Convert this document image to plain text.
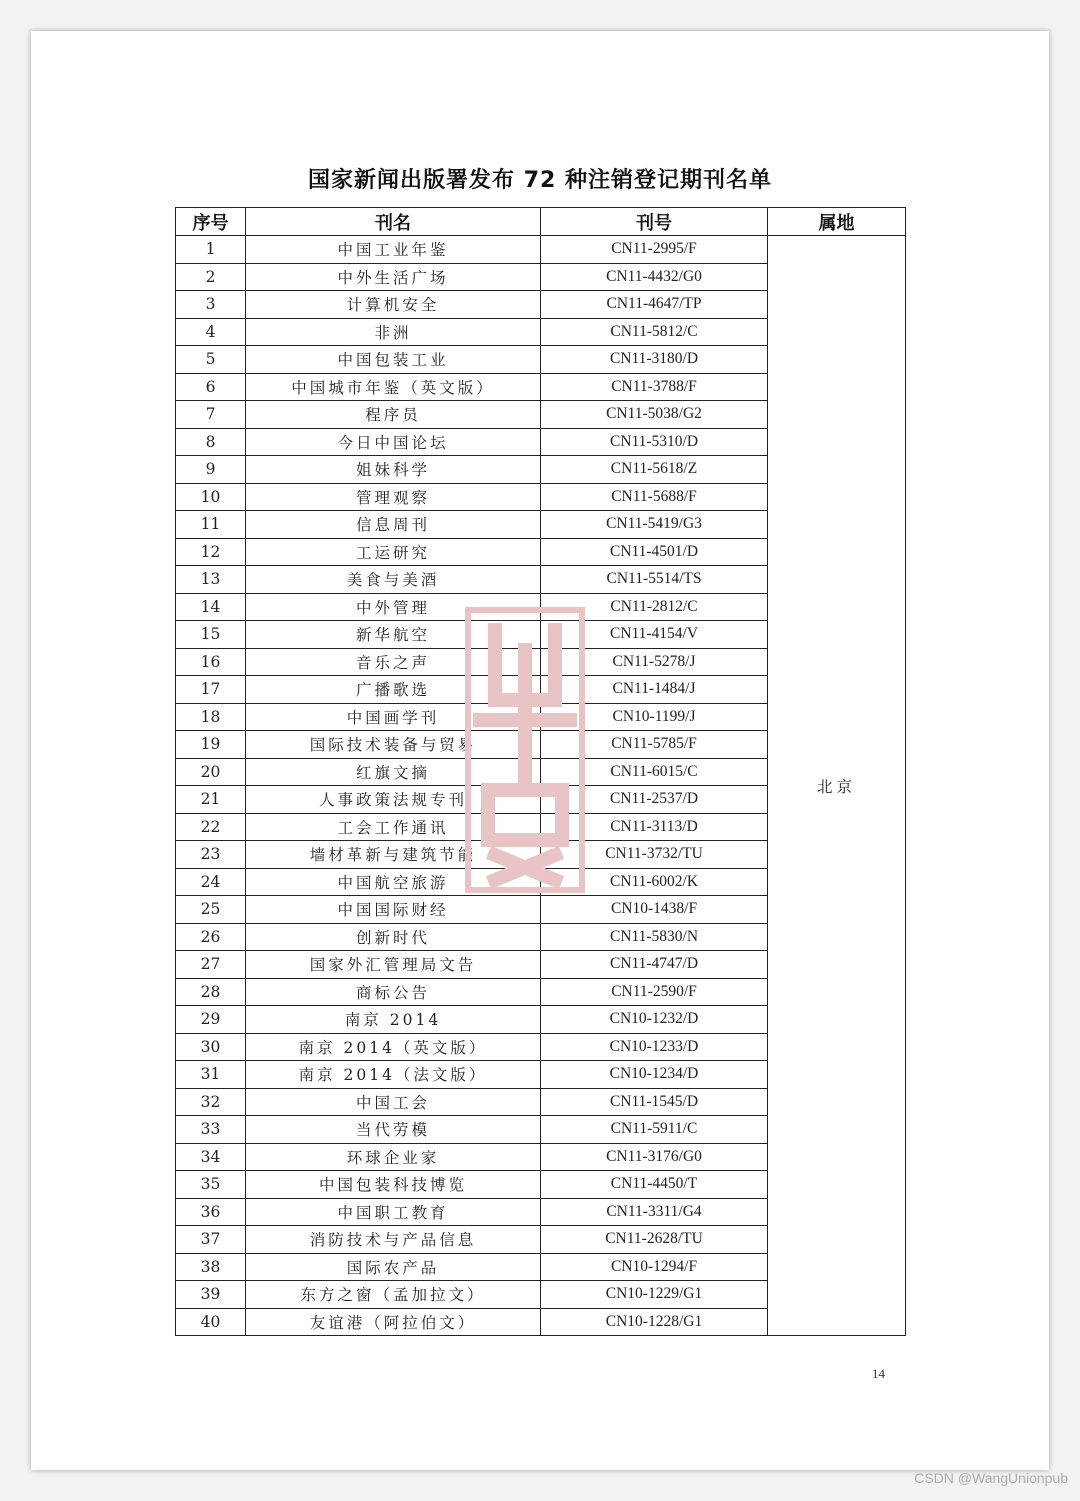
国家新闻出版署发布 72 种注销登记期刊名单
序号	刊名	刊号	属地
1	中国工业年鉴	CN11-2995/F	北京
2	中外生活广场	CN11-4432/G0	
3	计算机安全	CN11-4647/TP	
4	非洲	CN11-5812/C	
5	中国包装工业	CN11-3180/D	
6	中国城市年鉴（英文版）	CN11-3788/F	
7	程序员	CN11-5038/G2	
8	今日中国论坛	CN11-5310/D	
9	姐妹科学	CN11-5618/Z	
10	管理观察	CN11-5688/F	
11	信息周刊	CN11-5419/G3	
12	工运研究	CN11-4501/D	
13	美食与美酒	CN11-5514/TS	
14	中外管理	CN11-2812/C	
15	新华航空	CN11-4154/V	
16	音乐之声	CN11-5278/J	
17	广播歌选	CN11-1484/J	
18	中国画学刊	CN10-1199/J	
19	国际技术装备与贸易	CN11-5785/F	
20	红旗文摘	CN11-6015/C	
21	人事政策法规专刊	CN11-2537/D	
22	工会工作通讯	CN11-3113/D	
23	墙材革新与建筑节能	CN11-3732/TU	
24	中国航空旅游	CN11-6002/K	
25	中国国际财经	CN10-1438/F	
26	创新时代	CN11-5830/N	
27	国家外汇管理局文告	CN11-4747/D	
28	商标公告	CN11-2590/F	
29	南京 2014	CN10-1232/D	
30	南京 2014（英文版）	CN10-1233/D	
31	南京 2014（法文版）	CN10-1234/D	
32	中国工会	CN11-1545/D	
33	当代劳模	CN11-5911/C	
34	环球企业家	CN11-3176/G0	
35	中国包装科技博览	CN11-4450/T	
36	中国职工教育	CN11-3311/G4	
37	消防技术与产品信息	CN11-2628/TU	
38	国际农产品	CN10-1294/F	
39	东方之窗（孟加拉文）	CN10-1229/G1	
40	友谊港（阿拉伯文）	CN10-1228/G1	
14
CSDN @WangUnionpub
